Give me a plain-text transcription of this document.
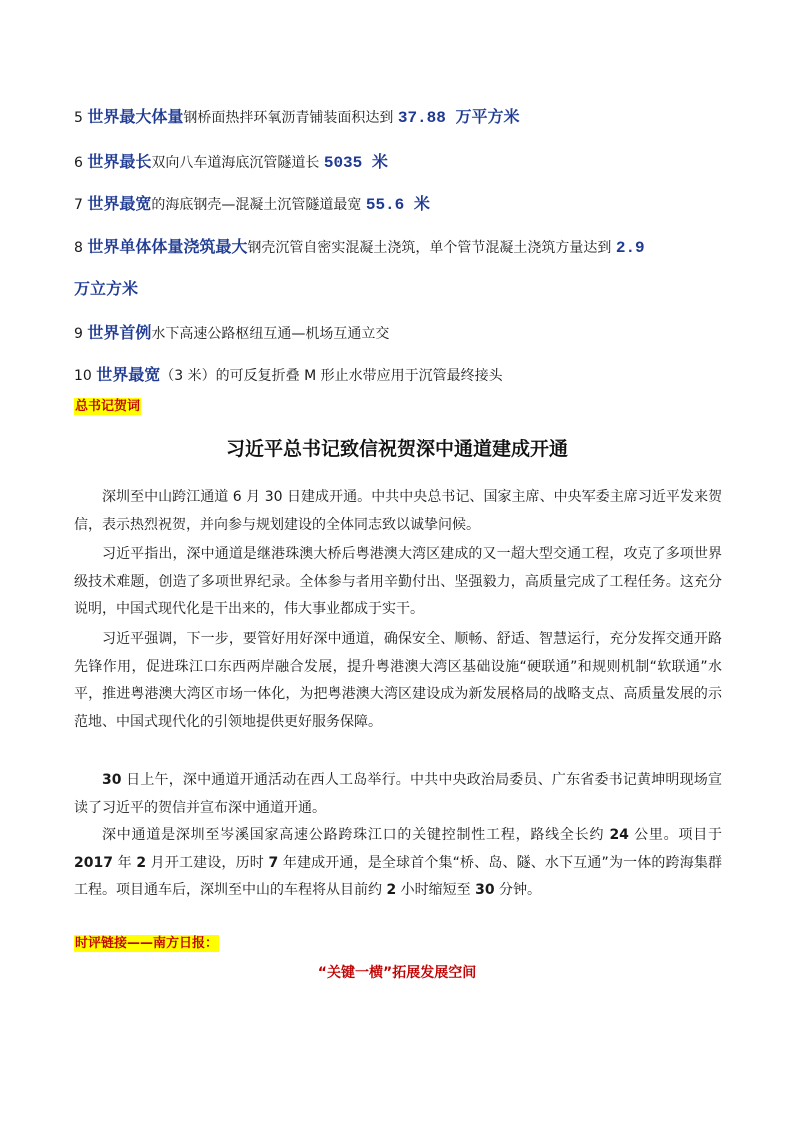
5 世界最大体量钢桥面热拌环氧沥青铺装面积达到 37.88 万平方米
6 世界最长双向八车道海底沉管隧道长 5035 米
7 世界最宽的海底钢壳—混凝土沉管隧道最宽 55.6 米
8 世界单体体量浇筑最大钢壳沉管自密实混凝土浇筑，单个管节混凝土浇筑方量达到 2.9
万立方米
9 世界首例水下高速公路枢纽互通—机场互通立交
10 世界最宽（3 米）的可反复折叠 M 形止水带应用于沉管最终接头
总书记贺词
习近平总书记致信祝贺深中通道建成开通
深圳至中山跨江通道 6 月 30 日建成开通。中共中央总书记、国家主席、中央军委主席习近平发来贺信，表示热烈祝贺，并向参与规划建设的全体同志致以诚挚问候。
习近平指出，深中通道是继港珠澳大桥后粤港澳大湾区建成的又一超大型交通工程，攻克了多项世界级技术难题，创造了多项世界纪录。全体参与者用辛勤付出、坚强毅力，高质量完成了工程任务。这充分说明，中国式现代化是干出来的，伟大事业都成于实干。
习近平强调，下一步，要管好用好深中通道，确保安全、顺畅、舒适、智慧运行，充分发挥交通开路先锋作用，促进珠江口东西两岸融合发展，提升粤港澳大湾区基础设施“硬联通”和规则机制“软联通”水平，推进粤港澳大湾区市场一体化，为把粤港澳大湾区建设成为新发展格局的战略支点、高质量发展的示范地、中国式现代化的引领地提供更好服务保障。
30 日上午，深中通道开通活动在西人工岛举行。中共中央政治局委员、广东省委书记黄坤明现场宣读了习近平的贺信并宣布深中通道开通。
深中通道是深圳至岑溪国家高速公路跨珠江口的关键控制性工程，路线全长约 24 公里。项目于 2017 年 2 月开工建设，历时 7 年建成开通，是全球首个集“桥、岛、隧、水下互通”为一体的跨海集群工程。项目通车后，深圳至中山的车程将从目前约 2 小时缩短至 30 分钟。
时评链接——南方日报：
“关键一横”拓展发展空间
